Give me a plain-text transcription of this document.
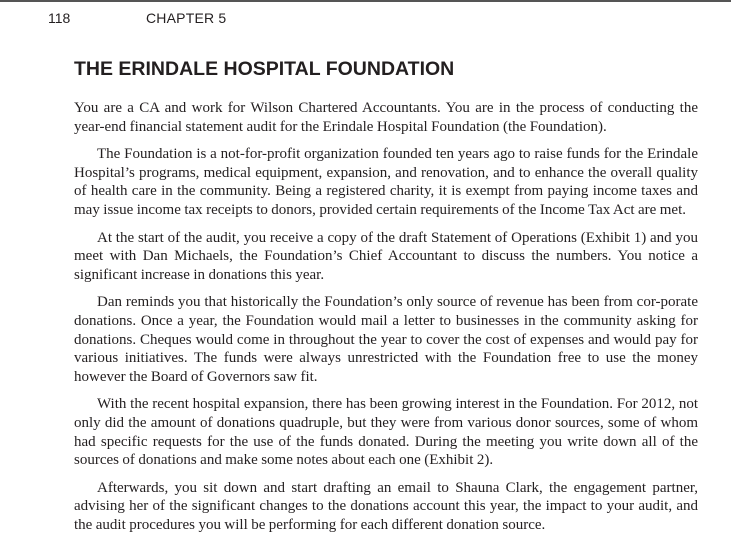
118	CHAPTER 5
THE ERINDALE HOSPITAL FOUNDATION

You are a CA and work for Wilson Chartered Accountants. You are in the process of conducting the year-end financial statement audit for the Erindale Hospital Foundation (the Foundation).

The Foundation is a not-for-profit organization founded ten years ago to raise funds for the Erindale Hospital’s programs, medical equipment, expansion, and renovation, and to enhance the overall quality of health care in the community. Being a registered charity, it is exempt from paying income taxes and may issue income tax receipts to donors, provided certain requirements of the Income Tax Act are met.

At the start of the audit, you receive a copy of the draft Statement of Operations (Exhibit 1) and you meet with Dan Michaels, the Foundation’s Chief Accountant to discuss the numbers. You notice a significant increase in donations this year.

Dan reminds you that historically the Foundation’s only source of revenue has been from cor-porate donations. Once a year, the Foundation would mail a letter to businesses in the community asking for donations. Cheques would come in throughout the year to cover the cost of expenses and would pay for various initiatives. The funds were always unrestricted with the Foundation free to use the money however the Board of Governors saw fit.

With the recent hospital expansion, there has been growing interest in the Foundation. For 2012, not only did the amount of donations quadruple, but they were from various donor sources, some of whom had specific requests for the use of the funds donated. During the meeting you write down all of the sources of donations and make some notes about each one (Exhibit 2).

Afterwards, you sit down and start drafting an email to Shauna Clark, the engagement partner, advising her of the significant changes to the donations account this year, the impact to your audit, and the audit procedures you will be performing for each different donation source.
